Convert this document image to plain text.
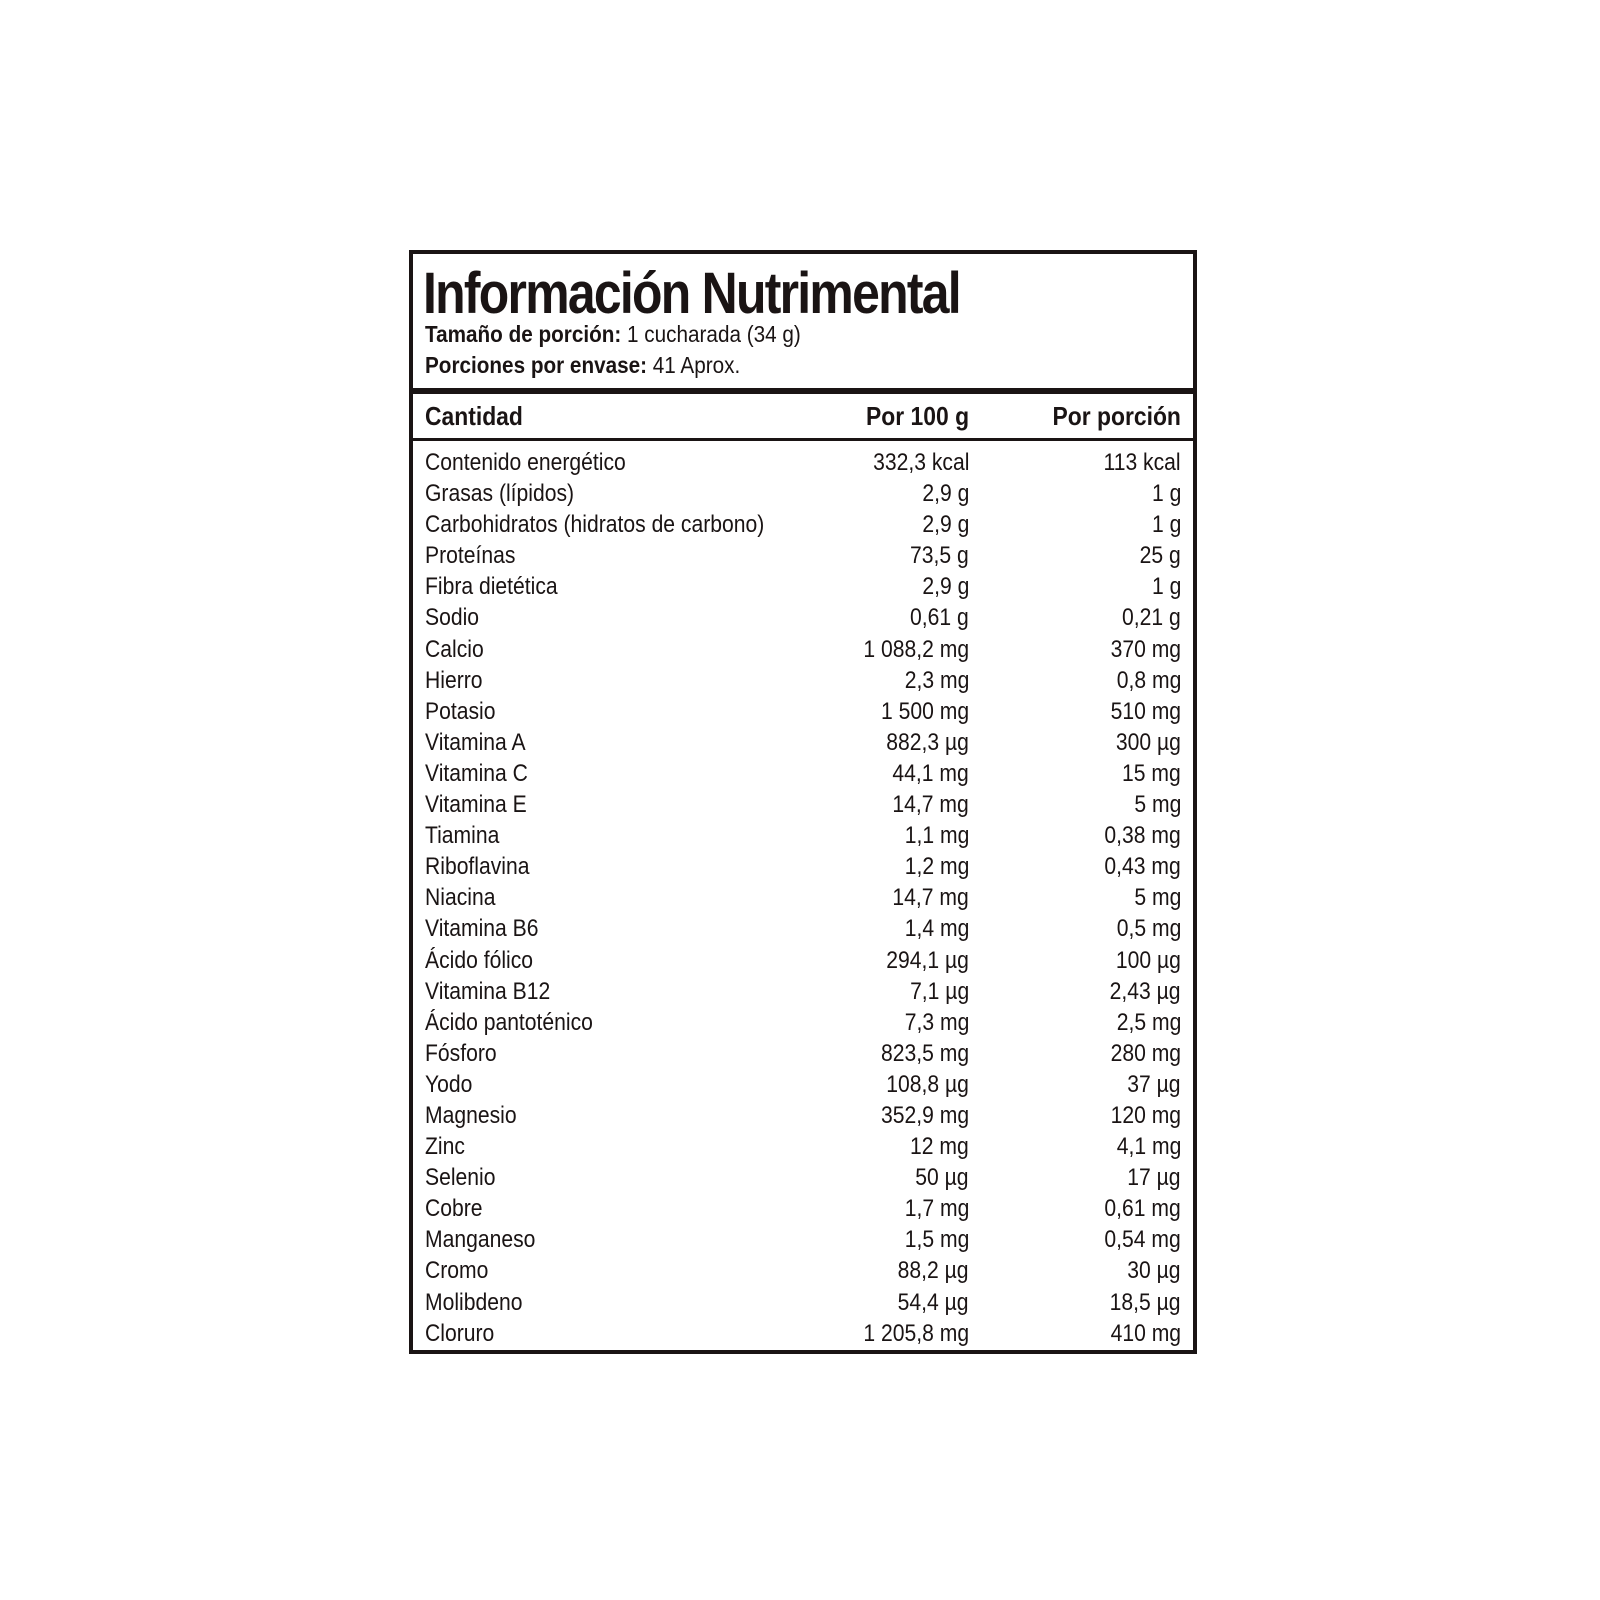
Información Nutrimental
Tamaño de porción: 1 cucharada (34 g)
Porciones por envase: 41 Aprox.
Cantidad	Por 100 g	Por porción
Contenido energético	332,3 kcal	113 kcal
Grasas (lípidos)	2,9 g	1 g
Carbohidratos (hidratos de carbono)	2,9 g	1 g
Proteínas	73,5 g	25 g
Fibra dietética	2,9 g	1 g
Sodio	0,61 g	0,21 g
Calcio	1 088,2 mg	370 mg
Hierro	2,3 mg	0,8 mg
Potasio	1 500 mg	510 mg
Vitamina A	882,3 µg	300 µg
Vitamina C	44,1 mg	15 mg
Vitamina E	14,7 mg	5 mg
Tiamina	1,1 mg	0,38 mg
Riboflavina	1,2 mg	0,43 mg
Niacina	14,7 mg	5 mg
Vitamina B6	1,4 mg	0,5 mg
Ácido fólico	294,1 µg	100 µg
Vitamina B12	7,1 µg	2,43 µg
Ácido pantoténico	7,3 mg	2,5 mg
Fósforo	823,5 mg	280 mg
Yodo	108,8 µg	37 µg
Magnesio	352,9 mg	120 mg
Zinc	12 mg	4,1 mg
Selenio	50 µg	17 µg
Cobre	1,7 mg	0,61 mg
Manganeso	1,5 mg	0,54 mg
Cromo	88,2 µg	30 µg
Molibdeno	54,4 µg	18,5 µg
Cloruro	1 205,8 mg	410 mg
